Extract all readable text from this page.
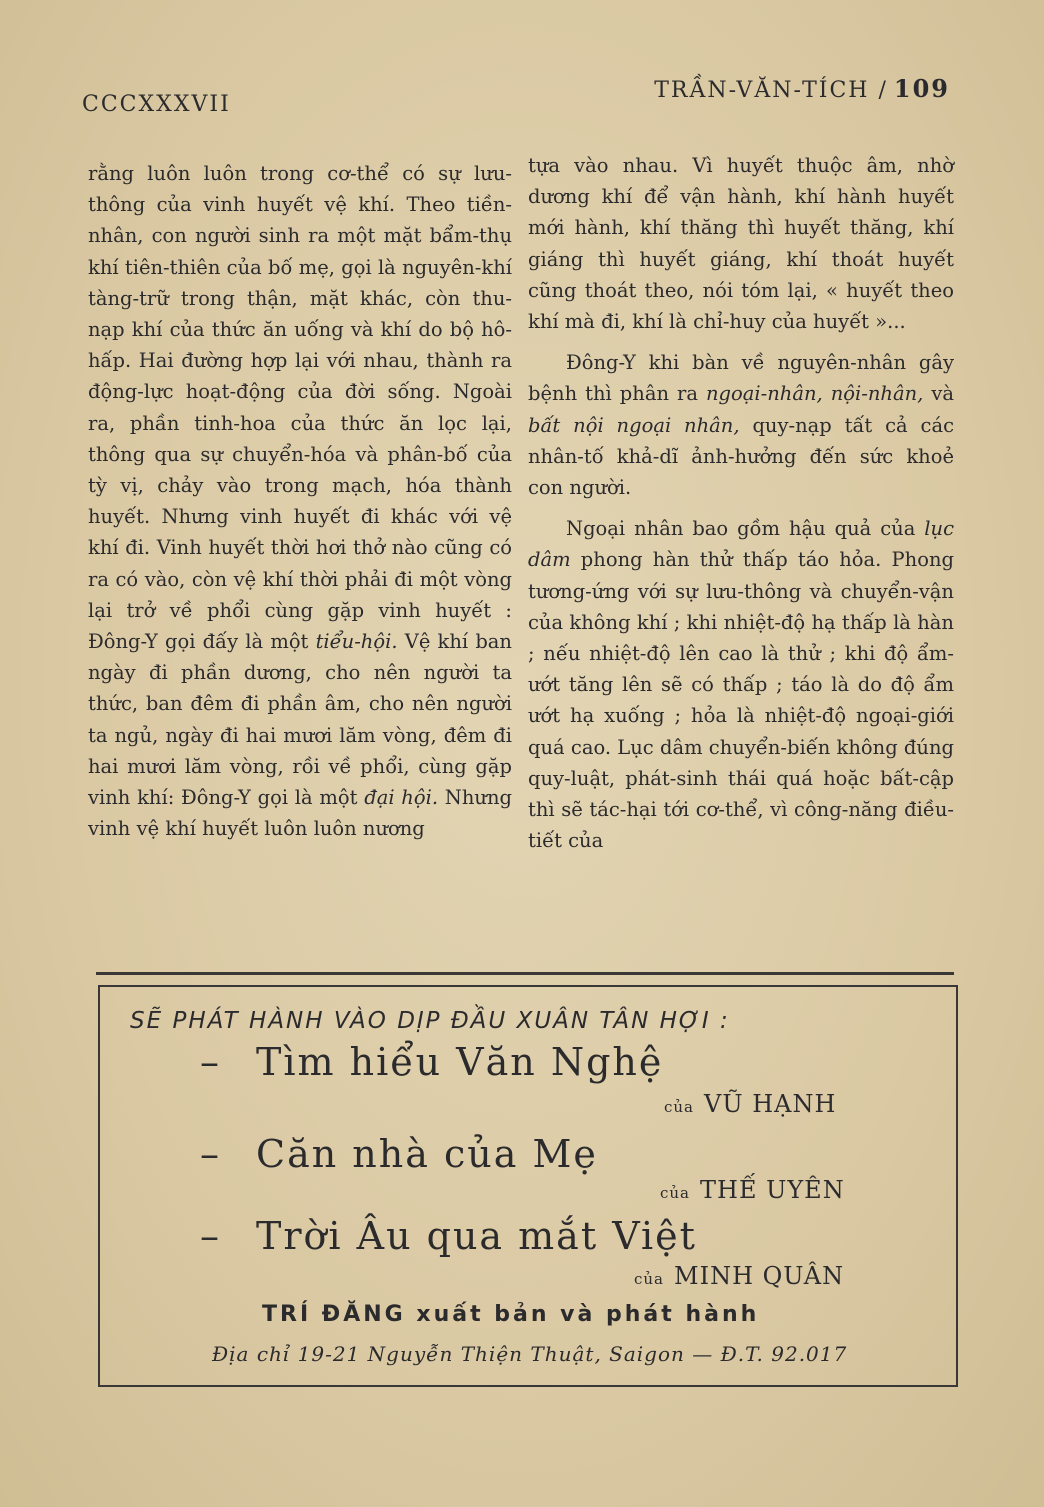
CCCXXXVII
TRẦN-VĂN-TÍCH / 109

rằng luôn luôn trong cơ-thể có sự lưu-thông của vinh huyết vệ khí. Theo tiền-nhân, con người sinh ra một mặt bẩm-thụ khí tiên-thiên của bố mẹ, gọi là nguyên-khí tàng-trữ trong thận, mặt khác, còn thu-nạp khí của thức ăn uống và khí do bộ hô-hấp. Hai đường hợp lại với nhau, thành ra động-lực hoạt-động của đời sống. Ngoài ra, phần tinh-hoa của thức ăn lọc lại, thông qua sự chuyển-hóa và phân-bố của tỳ vị, chảy vào trong mạch, hóa thành huyết. Nhưng vinh huyết đi khác với vệ khí đi. Vinh huyết thời hơi thở nào cũng có ra có vào, còn vệ khí thời phải đi một vòng lại trở về phổi cùng gặp vinh huyết : Đông-Y gọi đấy là một tiểu-hội. Vệ khí ban ngày đi phần dương, cho nên người ta thức, ban đêm đi phần âm, cho nên người ta ngủ, ngày đi hai mươi lăm vòng, đêm đi hai mươi lăm vòng, rồi về phổi, cùng gặp vinh khí: Đông-Y gọi là một đại hội. Nhưng vinh vệ khí huyết luôn luôn nương

tựa vào nhau. Vì huyết thuộc âm, nhờ dương khí để vận hành, khí hành huyết mới hành, khí thăng thì huyết thăng, khí giáng thì huyết giáng, khí thoát huyết cũng thoát theo, nói tóm lại, « huyết theo khí mà đi, khí là chỉ-huy của huyết »...

Đông-Y khi bàn về nguyên-nhân gây bệnh thì phân ra ngoại-nhân, nội-nhân, và bất nội ngoại nhân, quy-nạp tất cả các nhân-tố khả-dĩ ảnh-hưởng đến sức khoẻ con người.

Ngoại nhân bao gồm hậu quả của lục dâm phong hàn thử thấp táo hỏa. Phong tương-ứng với sự lưu-thông và chuyển-vận của không khí ; khi nhiệt-độ hạ thấp là hàn ; nếu nhiệt-độ lên cao là thử ; khi độ ẩm-ướt tăng lên sẽ có thấp ; táo là do độ ẩm ướt hạ xuống ; hỏa là nhiệt-độ ngoại-giới quá cao. Lục dâm chuyển-biến không đúng quy-luật, phát-sinh thái quá hoặc bất-cập thì sẽ tác-hại tới cơ-thể, vì công-năng điều-tiết của

SẼ PHÁT HÀNH VÀO DỊP ĐẦU XUÂN TÂN HỢI :
– Tìm hiểu Văn Nghệ
của VŨ HẠNH
– Căn nhà của Mẹ
của THẾ UYÊN
– Trời Âu qua mắt Việt
của MINH QUÂN
TRÍ ĐĂNG xuất bản và phát hành
Địa chỉ 19-21 Nguyễn Thiện Thuật, Saigon — Đ.T. 92.017
